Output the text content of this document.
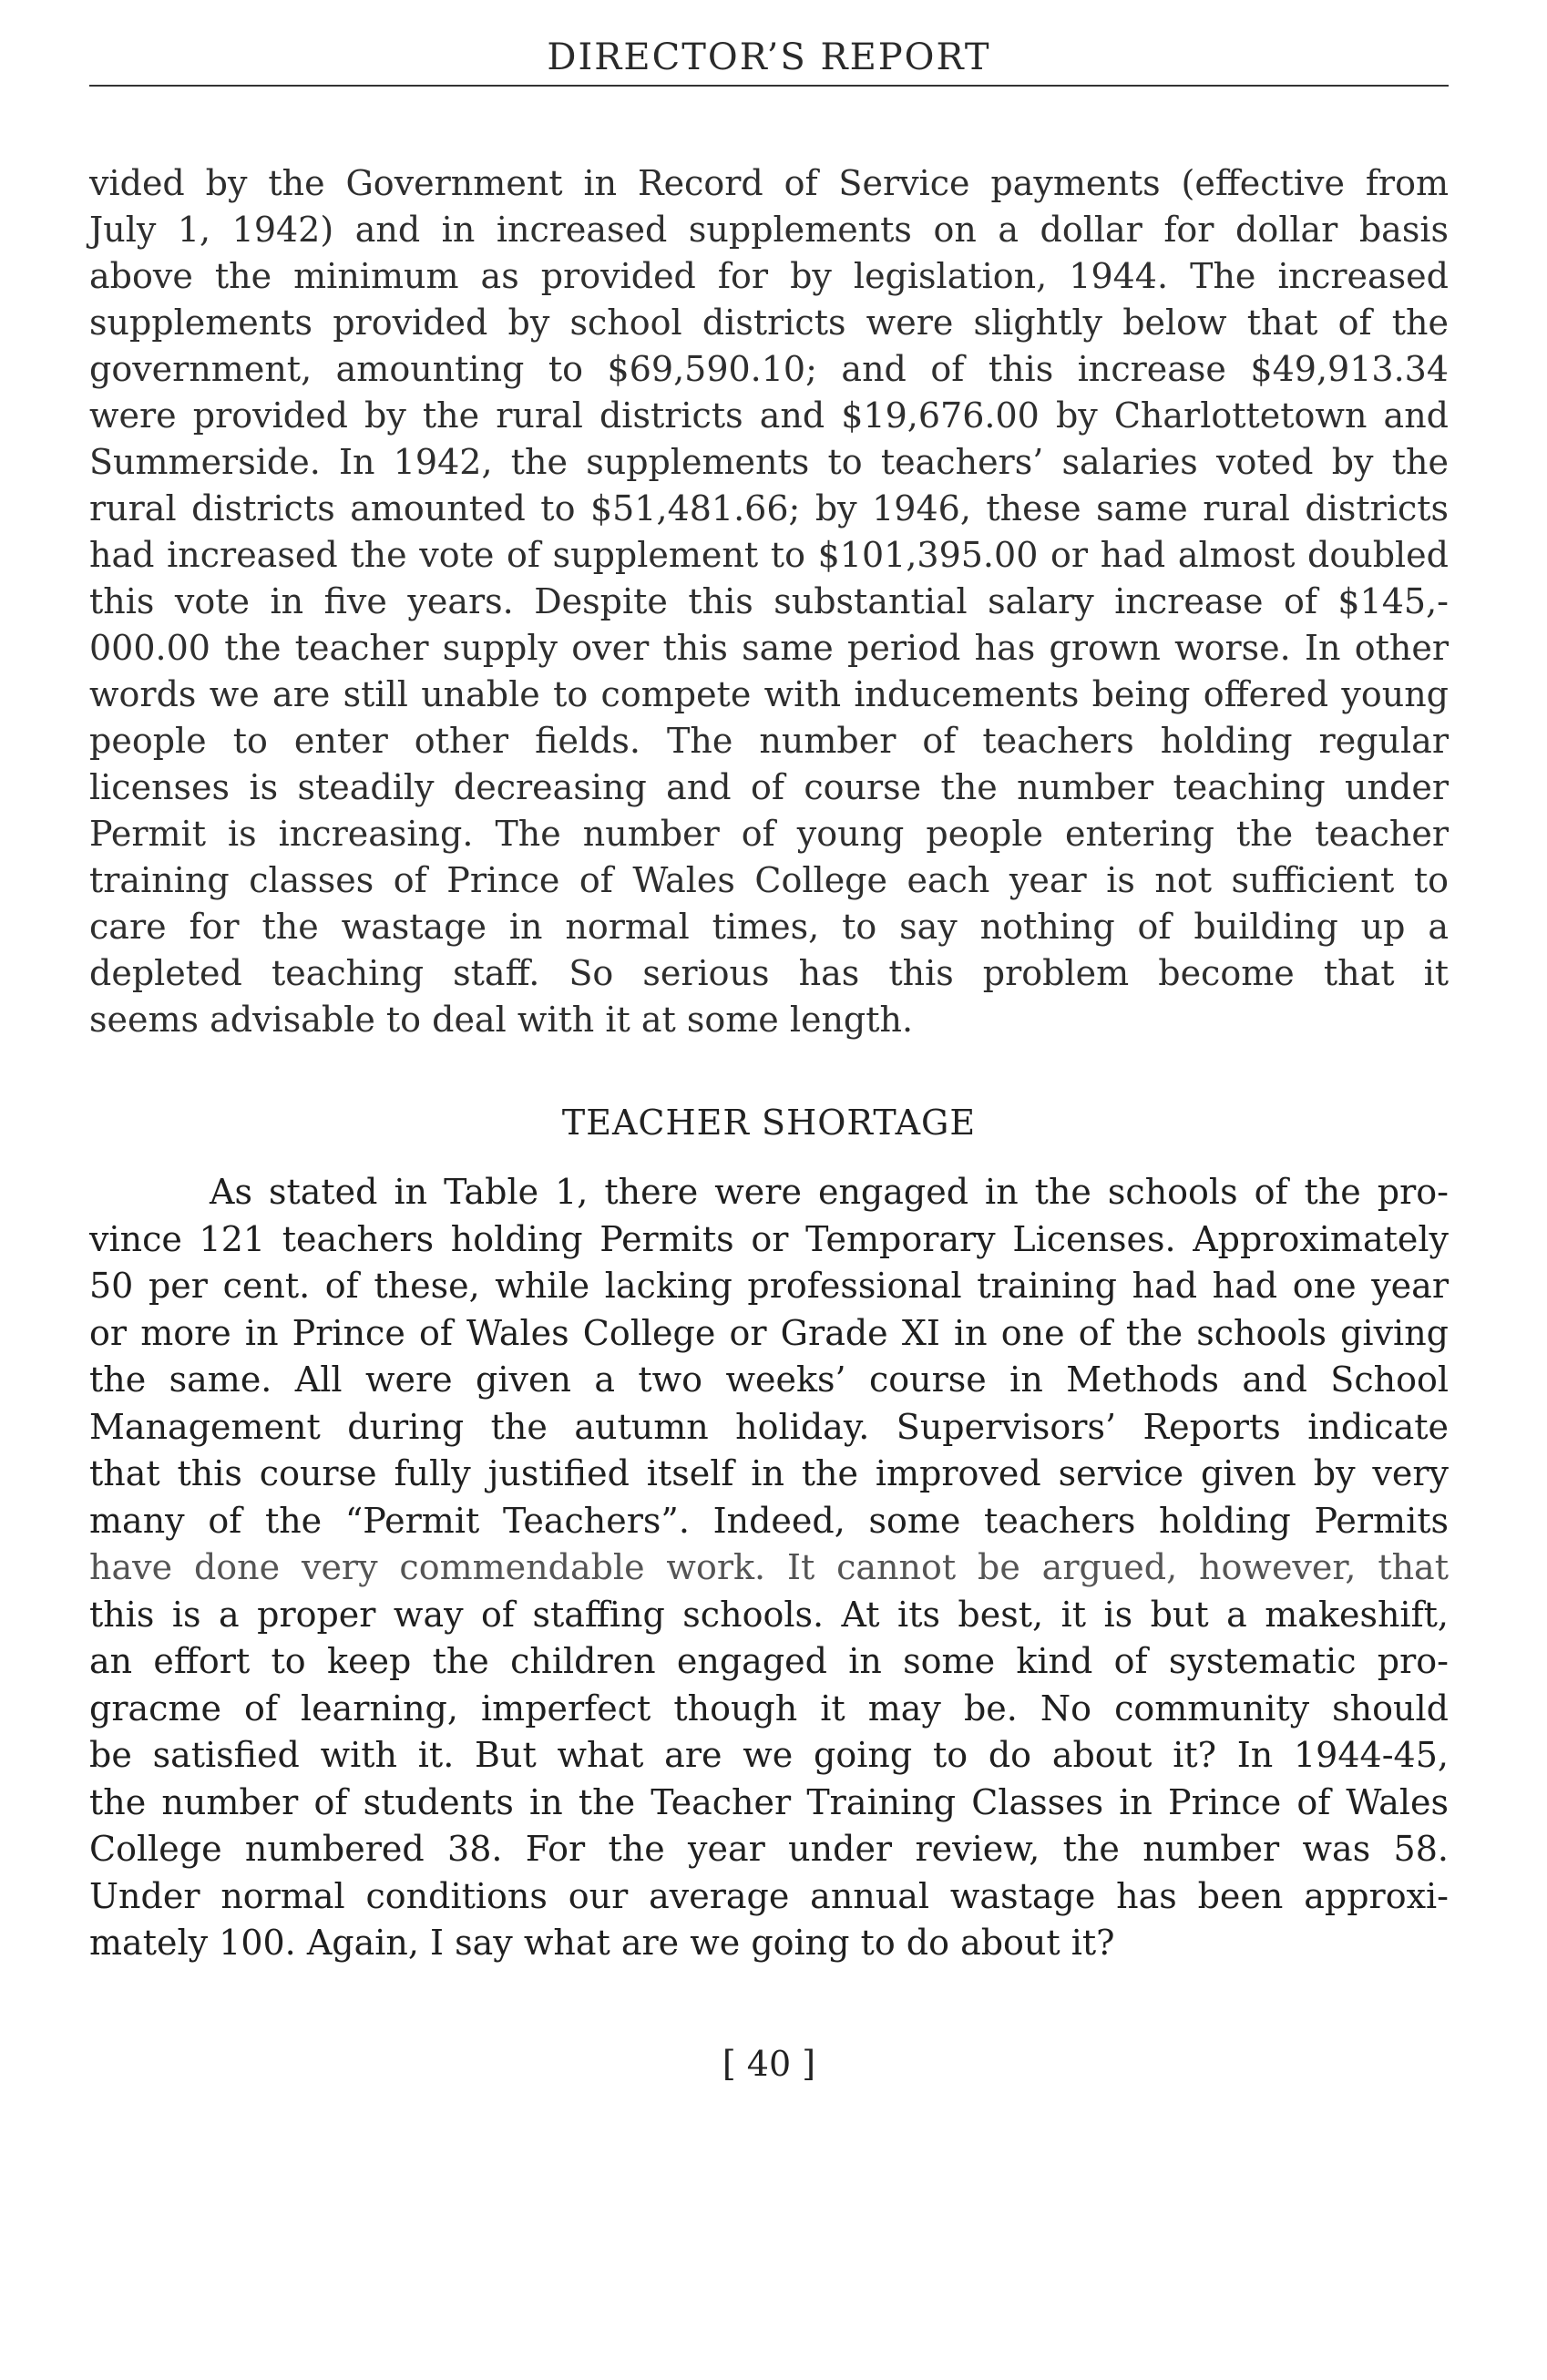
DIRECTOR’S REPORT
vided by the Government in Record of Service payments (effective from
July 1, 1942) and in increased supplements on a dollar for dollar basis
above the minimum as provided for by legislation, 1944. The increased
supplements provided by school districts were slightly below that of the
government, amounting to $69,590.10; and of this increase $49,913.34
were provided by the rural districts and $19,676.00 by Charlottetown and
Summerside. In 1942, the supplements to teachers’ salaries voted by the
rural districts amounted to $51,481.66; by 1946, these same rural districts
had increased the vote of supplement to $101,395.00 or had almost doubled
this vote in five years. Despite this substantial salary increase of $145,-
000.00 the teacher supply over this same period has grown worse. In other
words we are still unable to compete with inducements being offered young
people to enter other fields. The number of teachers holding regular
licenses is steadily decreasing and of course the number teaching under
Permit is increasing. The number of young people entering the teacher
training classes of Prince of Wales College each year is not sufficient to
care for the wastage in normal times, to say nothing of building up a
depleted teaching staff. So serious has this problem become that it
seems advisable to deal with it at some length.
TEACHER SHORTAGE
As stated in Table 1, there were engaged in the schools of the pro-
vince 121 teachers holding Permits or Temporary Licenses. Approximately
50 per cent. of these, while lacking professional training had had one year
or more in Prince of Wales College or Grade XI in one of the schools giving
the same. All were given a two weeks’ course in Methods and School
Management during the autumn holiday. Supervisors’ Reports indicate
that this course fully justified itself in the improved service given by very
many of the “Permit Teachers”. Indeed, some teachers holding Permits
have done very commendable work. It cannot be argued, however, that
this is a proper way of staffing schools. At its best, it is but a makeshift,
an effort to keep the children engaged in some kind of systematic pro-
gracme of learning, imperfect though it may be. No community should
be satisfied with it. But what are we going to do about it? In 1944-45,
the number of students in the Teacher Training Classes in Prince of Wales
College numbered 38. For the year under review, the number was 58.
Under normal conditions our average annual wastage has been approxi-
mately 100. Again, I say what are we going to do about it?
[ 40 ]
